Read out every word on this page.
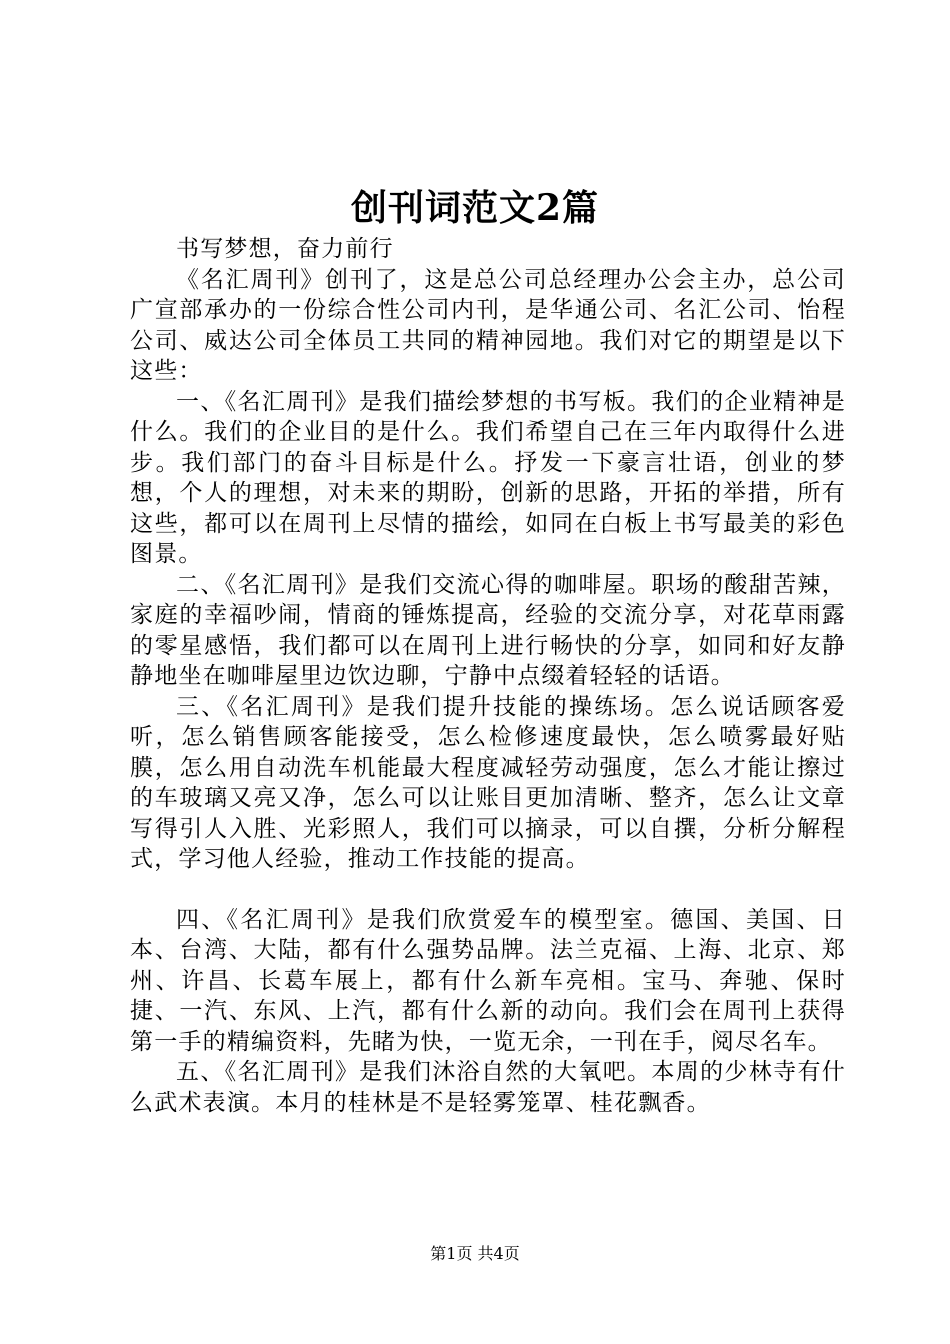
创刊词范文2篇

书写梦想，奋力前行

《名汇周刊》创刊了，这是总公司总经理办公会主办，总公司广宣部承办的一份综合性公司内刊，是华通公司、名汇公司、怡程公司、威达公司全体员工共同的精神园地。我们对它的期望是以下这些：

一、《名汇周刊》是我们描绘梦想的书写板。我们的企业精神是什么。我们的企业目的是什么。我们希望自己在三年内取得什么进步。我们部门的奋斗目标是什么。抒发一下豪言壮语，创业的梦想，个人的理想，对未来的期盼，创新的思路，开拓的举措，所有这些，都可以在周刊上尽情的描绘，如同在白板上书写最美的彩色图景。

二、《名汇周刊》是我们交流心得的咖啡屋。职场的酸甜苦辣，家庭的幸福吵闹，情商的锤炼提高，经验的交流分享，对花草雨露的零星感悟，我们都可以在周刊上进行畅快的分享，如同和好友静静地坐在咖啡屋里边饮边聊，宁静中点缀着轻轻的话语。

三、《名汇周刊》是我们提升技能的操练场。怎么说话顾客爱听，怎么销售顾客能接受，怎么检修速度最快，怎么喷雾最好贴膜，怎么用自动洗车机能最大程度减轻劳动强度，怎么才能让擦过的车玻璃又亮又净，怎么可以让账目更加清晰、整齐，怎么让文章写得引人入胜、光彩照人，我们可以摘录，可以自撰，分析分解程式，学习他人经验，推动工作技能的提高。

四、《名汇周刊》是我们欣赏爱车的模型室。德国、美国、日本、台湾、大陆，都有什么强势品牌。法兰克福、上海、北京、郑州、许昌、长葛车展上，都有什么新车亮相。宝马、奔驰、保时捷、一汽、东风、上汽，都有什么新的动向。我们会在周刊上获得第一手的精编资料，先睹为快，一览无余，一刊在手，阅尽名车。

五、《名汇周刊》是我们沐浴自然的大氧吧。本周的少林寺有什么武术表演。本月的桂林是不是轻雾笼罩、桂花飘香。

第1页 共4页
